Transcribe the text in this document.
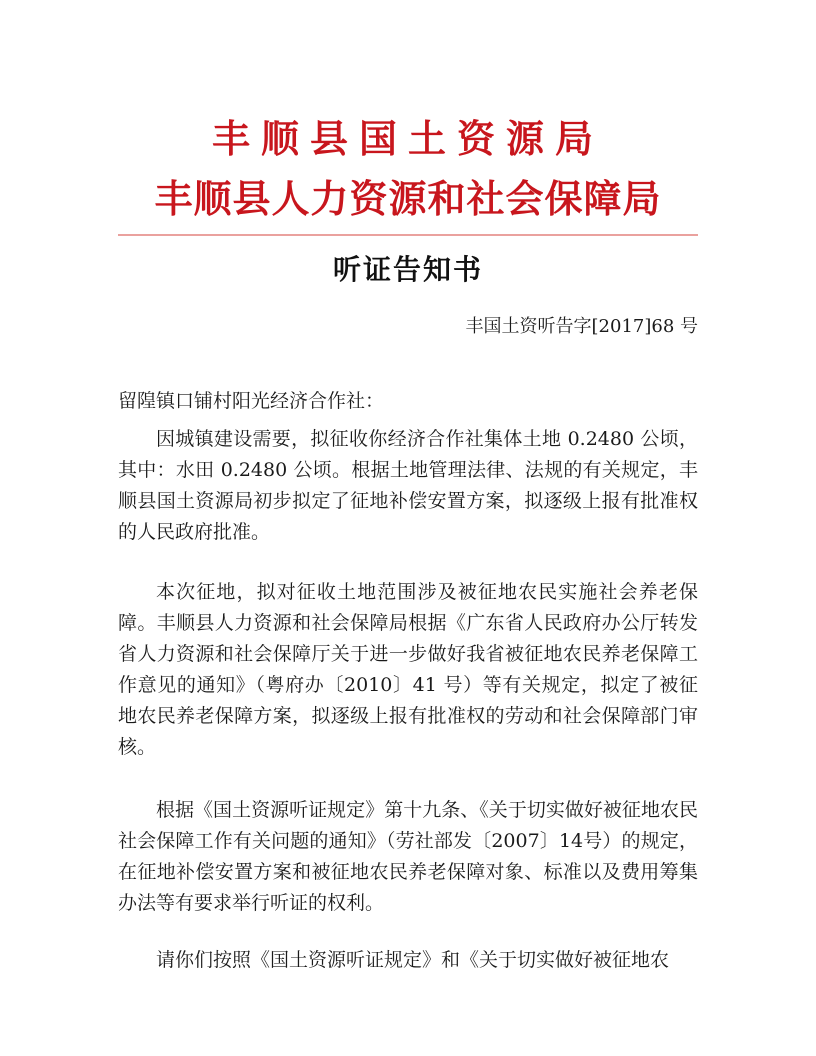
丰顺县国土资源局
丰顺县人力资源和社会保障局
听证告知书
丰国土资听告字[2017]68 号
留隍镇口铺村阳光经济合作社：
因城镇建设需要，拟征收你经济合作社集体土地 0.2480 公顷，其中：水田 0.2480 公顷。根据土地管理法律、法规的有关规定，丰顺县国土资源局初步拟定了征地补偿安置方案，拟逐级上报有批准权的人民政府批准。
本次征地，拟对征收土地范围涉及被征地农民实施社会养老保障。丰顺县人力资源和社会保障局根据《广东省人民政府办公厅转发省人力资源和社会保障厅关于进一步做好我省被征地农民养老保障工作意见的通知》（粤府办〔2010〕41 号）等有关规定，拟定了被征地农民养老保障方案，拟逐级上报有批准权的劳动和社会保障部门审核。
根据《国土资源听证规定》第十九条、《关于切实做好被征地农民社会保障工作有关问题的通知》（劳社部发〔2007〕14号）的规定，在征地补偿安置方案和被征地农民养老保障对象、标准以及费用筹集办法等有要求举行听证的权利。
请你们按照《国土资源听证规定》和《关于切实做好被征地农
